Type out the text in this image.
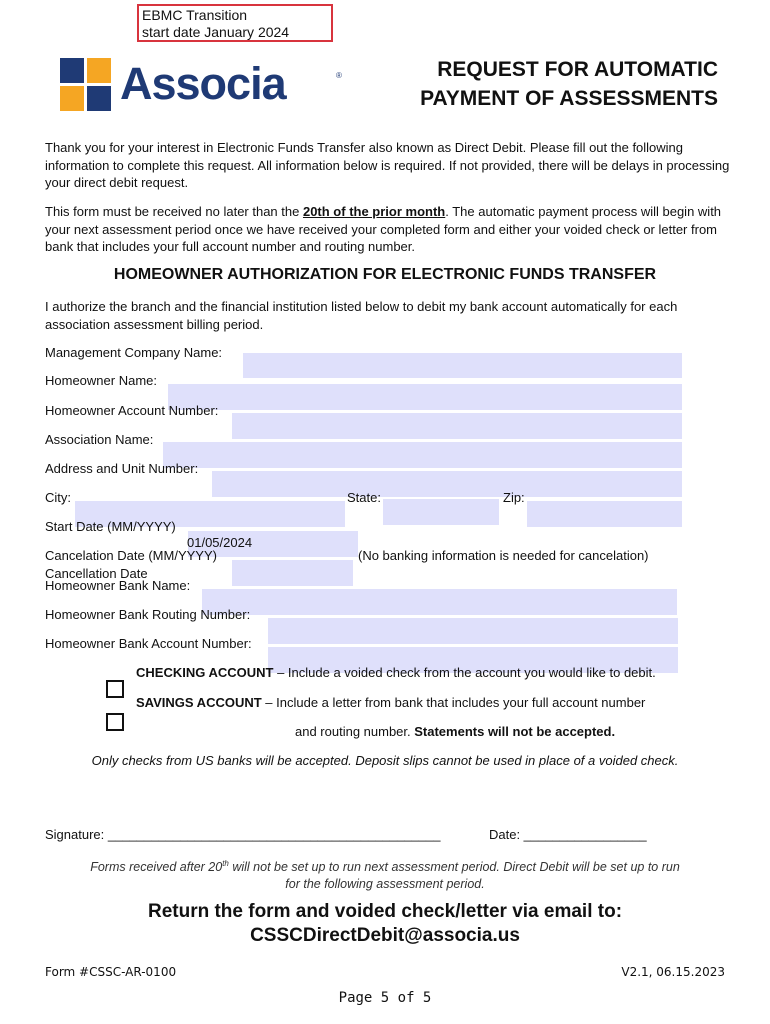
EBMC Transition
start date January 2024
Associa	®	REQUEST FOR AUTOMATIC
PAYMENT OF ASSESSMENTS
Thank you for your interest in Electronic Funds Transfer also known as Direct Debit. Please fill out the following information to complete this request. All information below is required. If not provided, there will be delays in processing your direct debit request.
This form must be received no later than the 20th of the prior month. The automatic payment process will begin with your next assessment period once we have received your completed form and either your voided check or letter from bank that includes your full account number and routing number.
HOMEOWNER AUTHORIZATION FOR ELECTRONIC FUNDS TRANSFER
I authorize the branch and the financial institution listed below to debit my bank account automatically for each association assessment billing period.
Management Company Name:
Homeowner Name:
Homeowner Account Number:
Association Name:
Address and Unit Number:
City:	State:	Zip:
Start Date (MM/YYYY)
01/05/2024
Cancelation Date (MM/YYYY)	(No banking information is needed for cancelation)
Cancellation Date
Homeowner Bank Name:
Homeowner Bank Routing Number:
Homeowner Bank Account Number:
CHECKING ACCOUNT – Include a voided check from the account you would like to debit.
SAVINGS ACCOUNT – Include a letter from bank that includes your full account number
and routing number. Statements will not be accepted.
Only checks from US banks will be accepted. Deposit slips cannot be used in place of a voided check.
Signature: ______________________________________________	Date: _________________
Forms received after 20th will not be set up to run next assessment period. Direct Debit will be set up to run
for the following assessment period.
Return the form and voided check/letter via email to:
CSSCDirectDebit@associa.us
Form #CSSC-AR-0100	V2.1, 06.15.2023
Page 5 of 5
